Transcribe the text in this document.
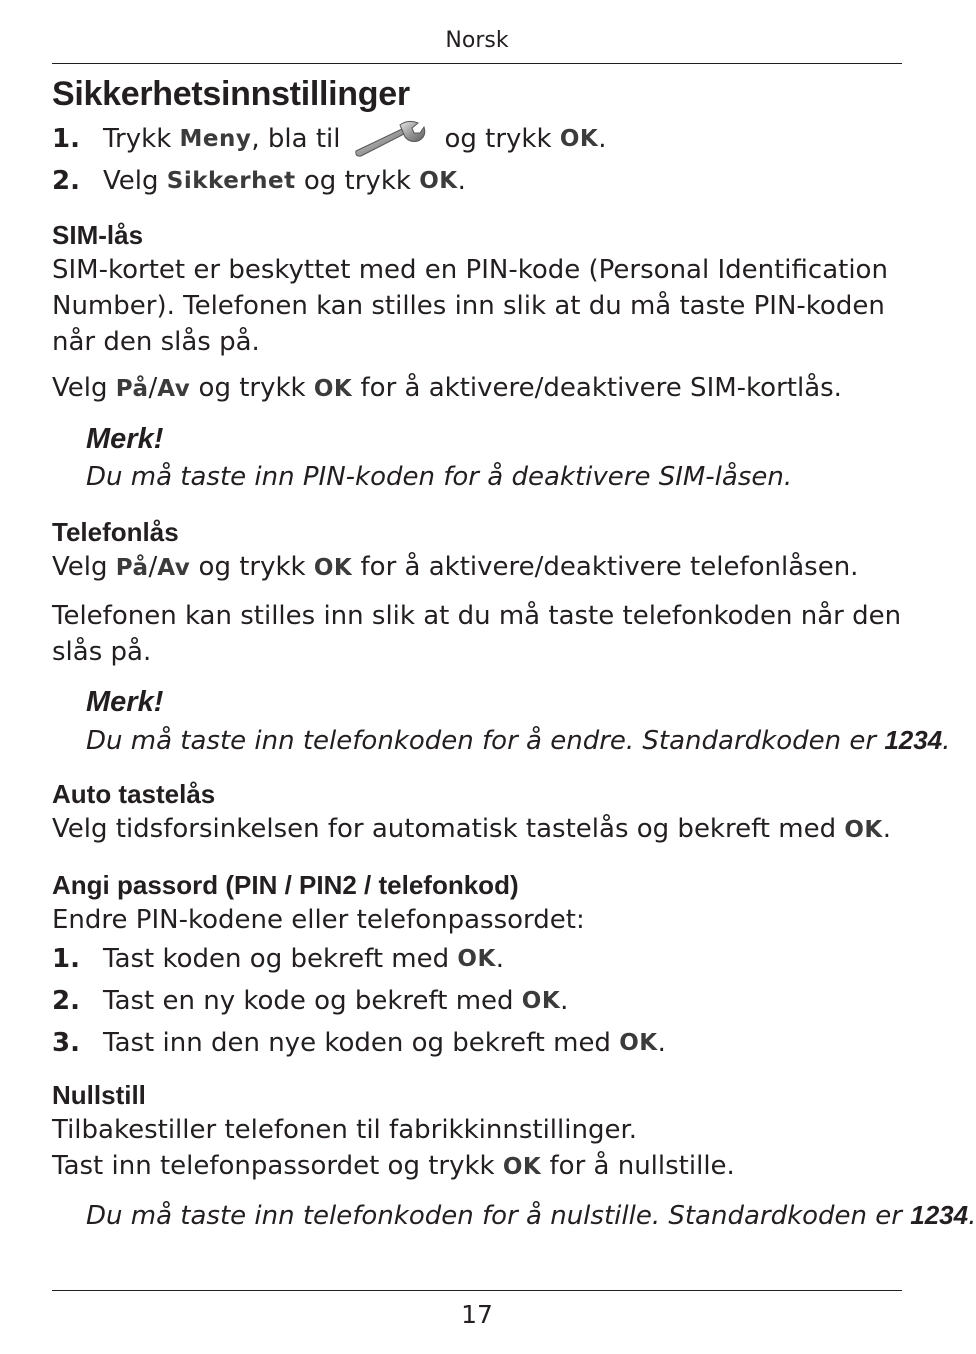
Norsk
Sikkerhetsinnstillinger
1. Trykk Meny , bla til	og trykk OK .
2. Velg Sikkerhet og trykk OK .
SIM-lås

SIM-kortet er beskyttet med en PIN-kode (Personal Identification Number). Telefonen kan stilles inn slik at du må taste PIN-koden når den slås på.

Velg På/Av og trykk OK for å aktivere/deaktivere SIM-kortlås.

Merk!
Du må taste inn PIN-koden for å deaktivere SIM-låsen.
Telefonlås

Velg På/Av og trykk OK for å aktivere/deaktivere telefonlåsen.

Telefonen kan stilles inn slik at du må taste telefonkoden når den slås på.

Merk!
Du må taste inn telefonkoden for å endre. Standardkoden er 1234.
Auto tastelås

Velg tidsforsinkelsen for automatisk tastelås og bekreft med OK.

Angi passord (PIN / PIN2 / telefonkod)

Endre PIN-kodene eller telefonpassordet:

1. Tast koden og bekreft med OK .
2. Tast en ny kode og bekreft med OK .
3. Tast inn den nye koden og bekreft med OK .
Nullstill

Tilbakestiller telefonen til fabrikkinnstillinger.

Tast inn telefonpassordet og trykk OK for å nullstille.

Du må taste inn telefonkoden for å nulstille. Standardkoden er 1234.
17
